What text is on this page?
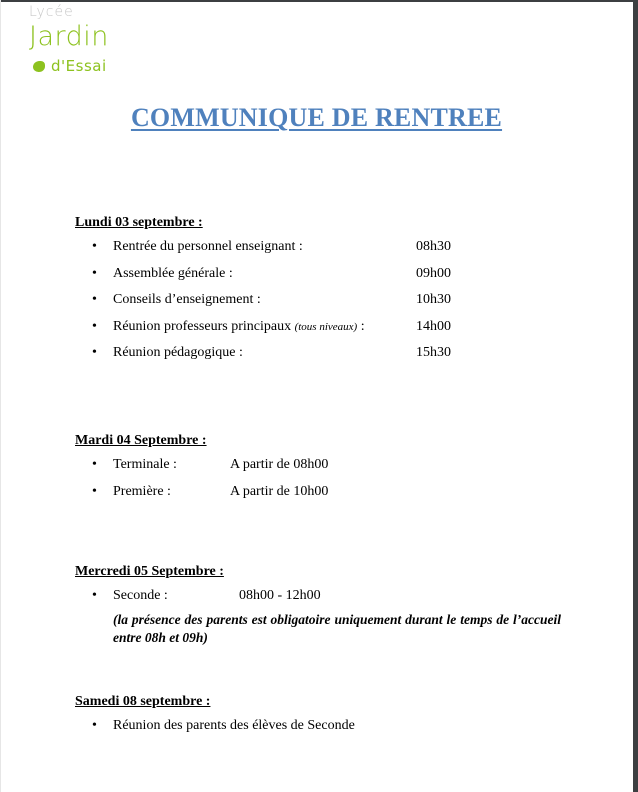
Lycée
Jardin
d'Essai
COMMUNIQUE DE RENTREE
Lundi 03 septembre :
• Rentrée du personnel enseignant :	08h30
• Assemblée générale :	09h00
• Conseils d’enseignement :	10h30
• Réunion professeurs principaux (tous niveaux) :	14h00
• Réunion pédagogique :	15h30
Mardi 04 Septembre :
• Terminale :	A partir de 08h00
• Première :	A partir de 10h00
Mercredi 05 Septembre :
• Seconde :	08h00 - 12h00
(la présence des parents est obligatoire uniquement durant le temps de l’accueil entre 08h et 09h)
Samedi 08 septembre :
• Réunion des parents des élèves de Seconde
